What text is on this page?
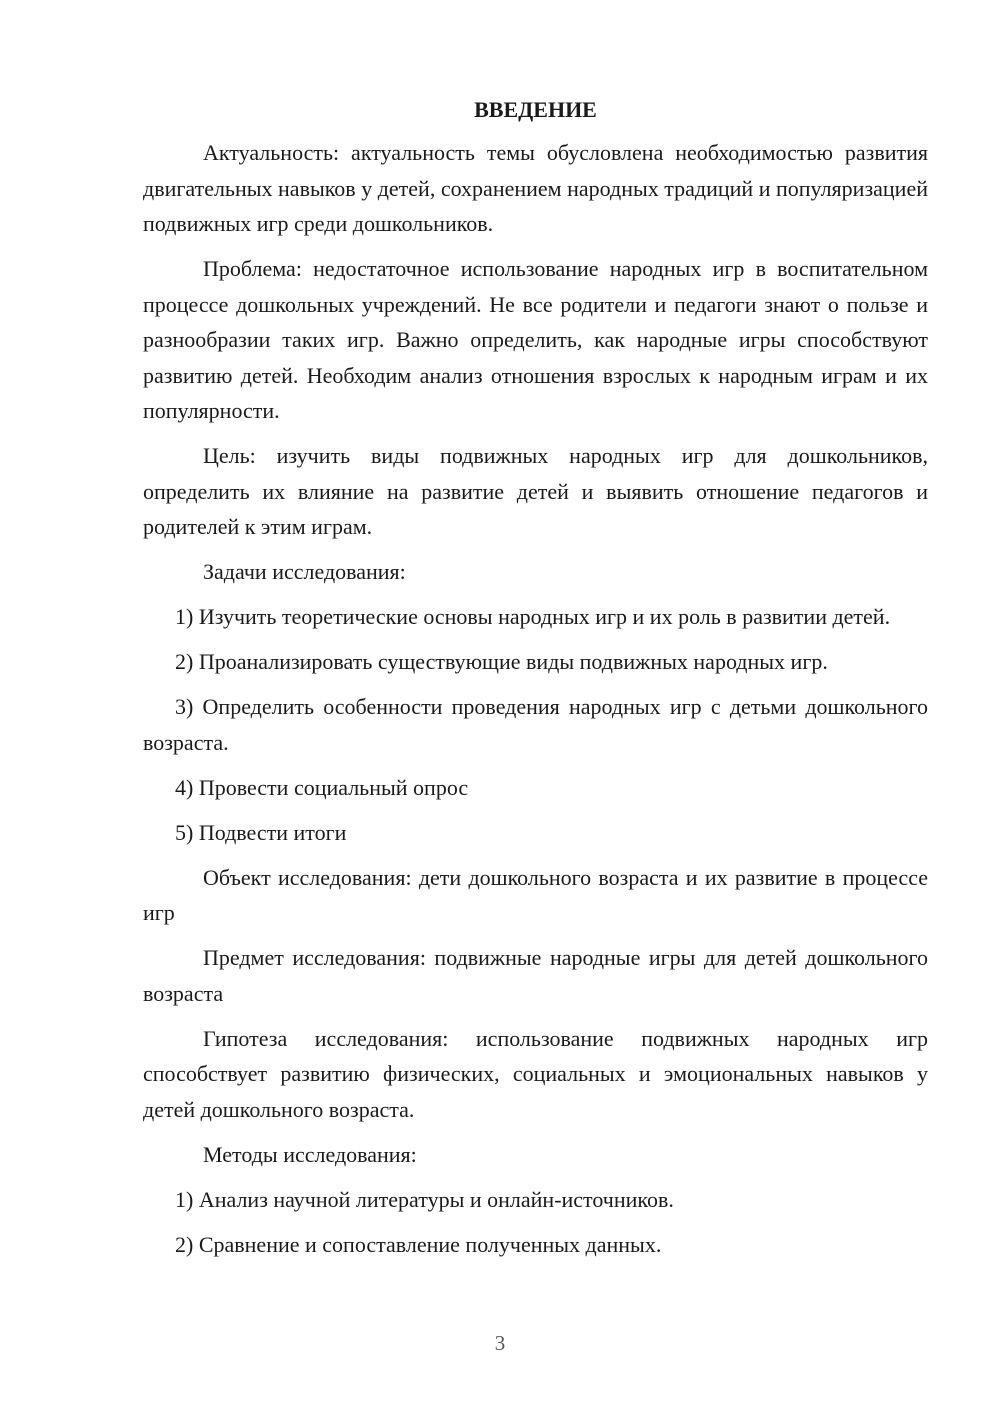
ВВЕДЕНИЕ

Актуальность: актуальность темы обусловлена необходимостью развития двигательных навыков у детей, сохранением народных традиций и популяризацией подвижных игр среди дошкольников.

Проблема: недостаточное использование народных игр в воспитательном процессе дошкольных учреждений. Не все родители и педагоги знают о пользе и разнообразии таких игр. Важно определить, как народные игры способствуют развитию детей. Необходим анализ отношения взрослых к народным играм и их популярности.

Цель: изучить виды подвижных народных игр для дошкольников, определить их влияние на развитие детей и выявить отношение педагогов и родителей к этим играм.

Задачи исследования:

1) Изучить теоретические основы народных игр и их роль в развитии детей.

2) Проанализировать существующие виды подвижных народных игр.

3) Определить особенности проведения народных игр с детьми дошкольного возраста.

4) Провести социальный опрос

5) Подвести итоги

Объект исследования: дети дошкольного возраста и их развитие в процессе игр

Предмет исследования: подвижные народные игры для детей дошкольного возраста

Гипотеза исследования: использование подвижных народных игр способствует развитию физических, социальных и эмоциональных навыков у детей дошкольного возраста.

Методы исследования:

1) Анализ научной литературы и онлайн-источников.

2) Сравнение и сопоставление полученных данных.

3
